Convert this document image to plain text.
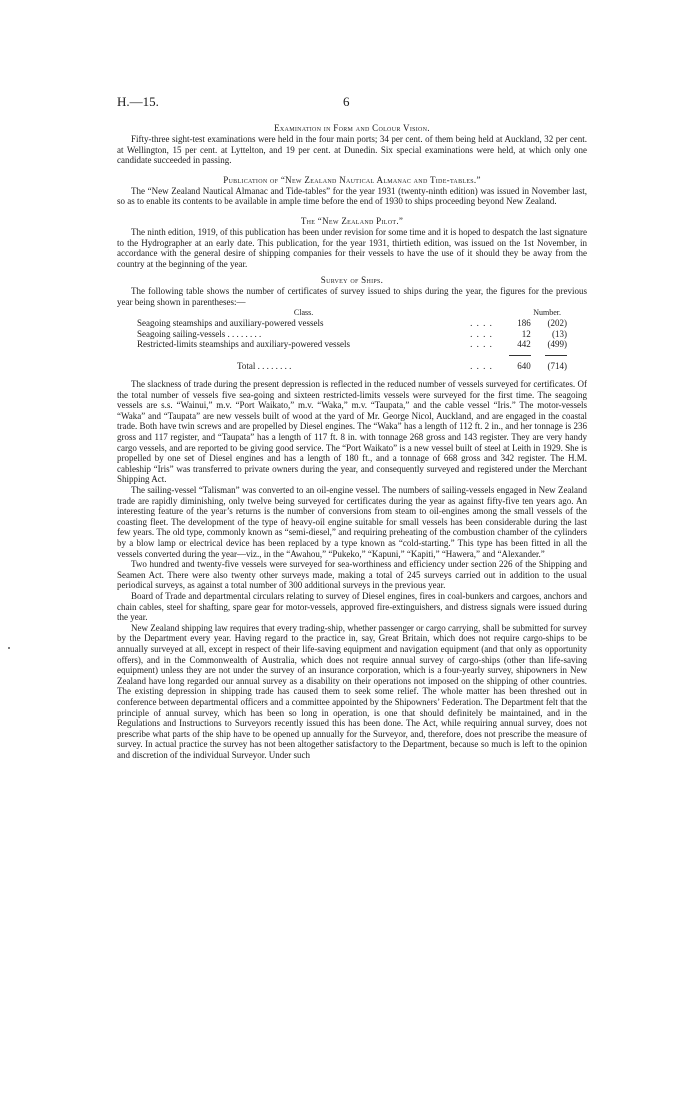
H.—15.	6
Examination in Form and Colour Vision.

Fifty-three sight-test examinations were held in the four main ports; 34 per cent. of them being held at Auckland, 32 per cent. at Wellington, 15 per cent. at Lyttelton, and 19 per cent. at Dunedin. Six special examinations were held, at which only one candidate succeeded in passing.

Publication of “New Zealand Nautical Almanac and Tide-tables.”

The “New Zealand Nautical Almanac and Tide-tables” for the year 1931 (twenty-ninth edition) was issued in November last, so as to enable its contents to be available in ample time before the end of 1930 to ships proceeding beyond New Zealand.

The “New Zealand Pilot.”

The ninth edition, 1919, of this publication has been under revision for some time and it is hoped to despatch the last signature to the Hydrographer at an early date. This publication, for the year 1931, thirtieth edition, was issued on the 1st November, in accordance with the general desire of shipping companies for their vessels to have the use of it should they be away from the country at the beginning of the year.

Survey of Ships.

The following table shows the number of certificates of survey issued to ships during the year, the figures for the previous year being shown in parentheses:—

Class.		Number.	
Seagoing steamships and auxiliary-powered vessels	. . . .	186	(202)
Seagoing sailing-vessels . . . . . . . .	. . . .	12	(13)
Restricted-limits steamships and auxiliary-powered vessels	. . . .	442	(499)

Total . . . . . . . .	. . . .	640	(714)

The slackness of trade during the present depression is reflected in the reduced number of vessels surveyed for certificates. Of the total number of vessels five sea-going and sixteen restricted-limits vessels were surveyed for the first time. The seagoing vessels are s.s. “Wainui,” m.v. “Port Waikato,” m.v. “Waka,” m.v. “Taupata,” and the cable vessel “Iris.” The motor-vessels “Waka” and “Taupata” are new vessels built of wood at the yard of Mr. George Nicol, Auckland, and are engaged in the coastal trade. Both have twin screws and are propelled by Diesel engines. The “Waka” has a length of 112 ft. 2 in., and her tonnage is 236 gross and 117 register, and “Taupata” has a length of 117 ft. 8 in. with tonnage 268 gross and 143 register. They are very handy cargo vessels, and are reported to be giving good service. The “Port Waikato” is a new vessel built of steel at Leith in 1929. She is propelled by one set of Diesel engines and has a length of 180 ft., and a tonnage of 668 gross and 342 register. The H.M. cableship “Iris” was transferred to private owners during the year, and consequently surveyed and registered under the Merchant Shipping Act.

The sailing-vessel “Talisman” was converted to an oil-engine vessel. The numbers of sailing-vessels engaged in New Zealand trade are rapidly diminishing, only twelve being surveyed for certificates during the year as against fifty-five ten years ago. An interesting feature of the year’s returns is the number of conversions from steam to oil-engines among the small vessels of the coasting fleet. The development of the type of heavy-oil engine suitable for small vessels has been considerable during the last few years. The old type, commonly known as “semi-diesel,” and requiring preheating of the combustion chamber of the cylinders by a blow lamp or electrical device has been replaced by a type known as “cold-starting.” This type has been fitted in all the vessels converted during the year—viz., in the “Awahou,” “Pukeko,” “Kapuni,” “Kapiti,” “Hawera,” and “Alexander.”

Two hundred and twenty-five vessels were surveyed for sea-worthiness and efficiency under section 226 of the Shipping and Seamen Act. There were also twenty other surveys made, making a total of 245 surveys carried out in addition to the usual periodical surveys, as against a total number of 300 additional surveys in the previous year.

Board of Trade and departmental circulars relating to survey of Diesel engines, fires in coal-bunkers and cargoes, anchors and chain cables, steel for shafting, spare gear for motor-vessels, approved fire-extinguishers, and distress signals were issued during the year.

New Zealand shipping law requires that every trading-ship, whether passenger or cargo carrying, shall be submitted for survey by the Department every year. Having regard to the practice in, say, Great Britain, which does not require cargo-ships to be annually surveyed at all, except in respect of their life-saving equipment and navigation equipment (and that only as opportunity offers), and in the Commonwealth of Australia, which does not require annual survey of cargo-ships (other than life-saving equipment) unless they are not under the survey of an insurance corporation, which is a four-yearly survey, shipowners in New Zealand have long regarded our annual survey as a disability on their operations not imposed on the shipping of other countries. The existing depression in shipping trade has caused them to seek some relief. The whole matter has been threshed out in conference between departmental officers and a committee appointed by the Shipowners’ Federation. The Department felt that the principle of annual survey, which has been so long in operation, is one that should definitely be maintained, and in the Regulations and Instructions to Surveyors recently issued this has been done. The Act, while requiring annual survey, does not prescribe what parts of the ship have to be opened up annually for the Surveyor, and, therefore, does not prescribe the measure of survey. In actual practice the survey has not been altogether satisfactory to the Department, because so much is left to the opinion and discretion of the individual Surveyor. Under such
